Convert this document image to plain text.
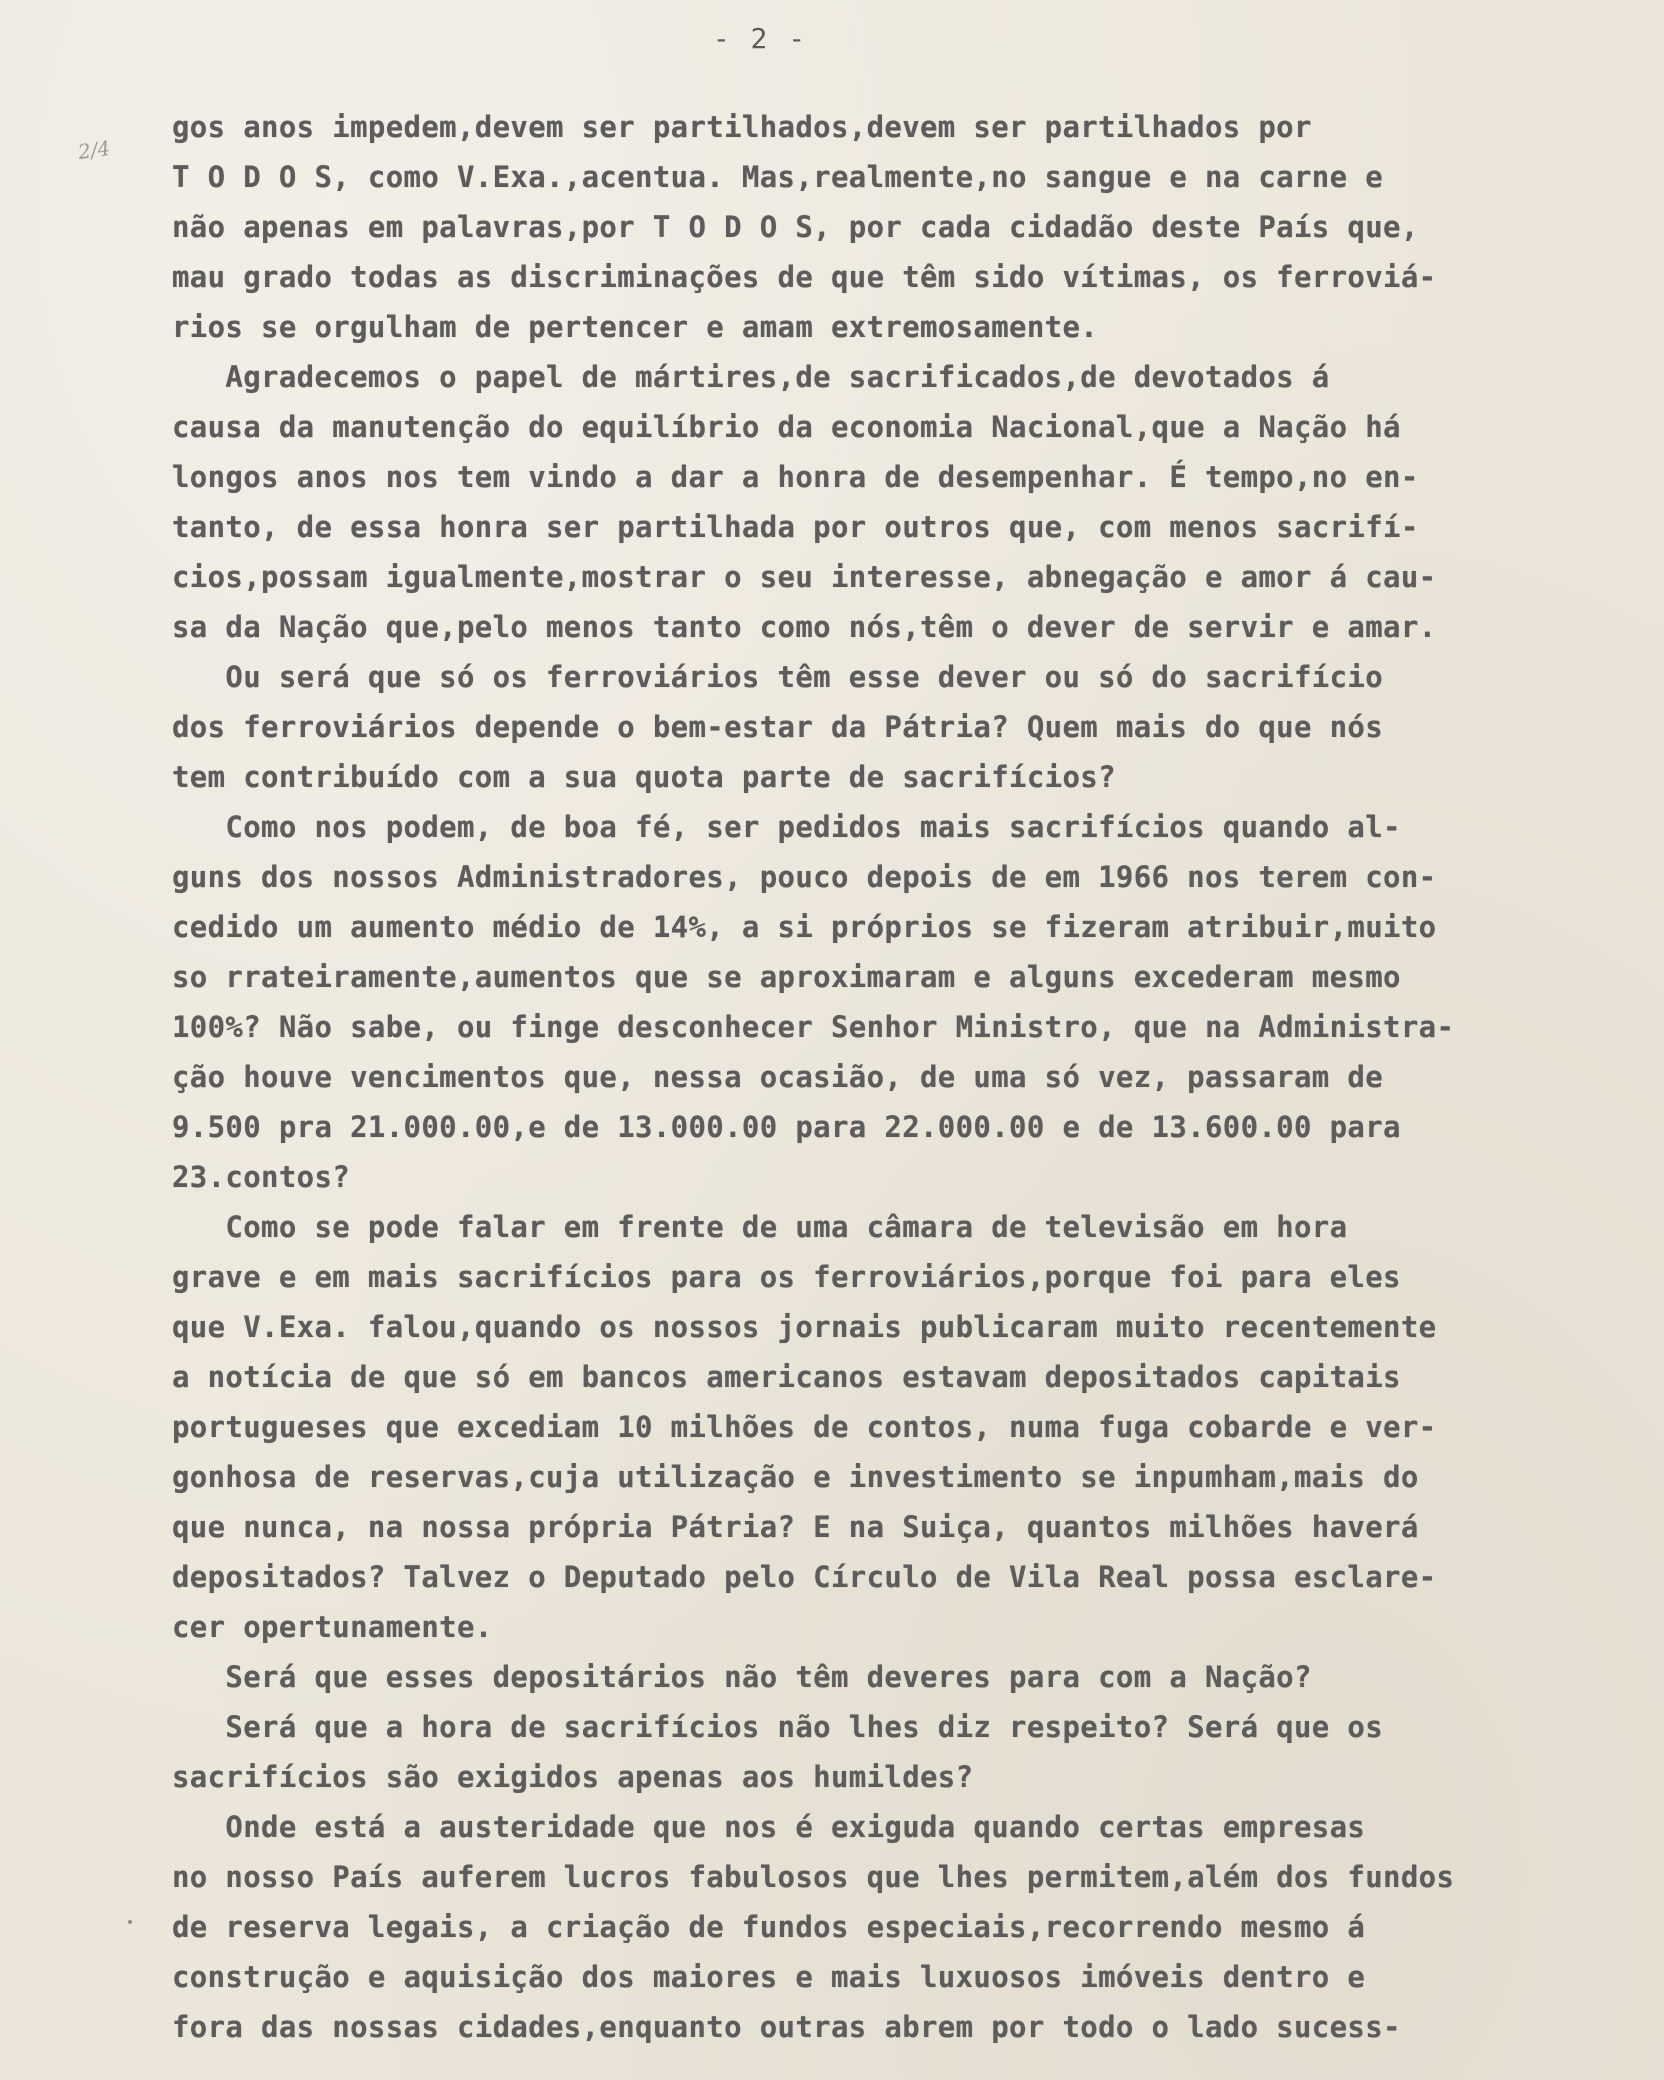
- 2 -
2/4
gos anos impedem,devem ser partilhados,devem ser partilhados por
T O D O S, como V.Exa.,acentua. Mas,realmente,no sangue e na carne e
não apenas em palavras,por T O D O S, por cada cidadão deste País que,
mau grado todas as discriminações de que têm sido vítimas, os ferroviá-
rios se orgulham de pertencer e amam extremosamente.
Agradecemos o papel de mártires,de sacrificados,de devotados á
causa da manutenção do equilíbrio da economia Nacional,que a Nação há
longos anos nos tem vindo a dar a honra de desempenhar. É tempo,no en-
tanto, de essa honra ser partilhada por outros que, com menos sacrifí-
cios,possam igualmente,mostrar o seu interesse, abnegação e amor á cau-
sa da Nação que,pelo menos tanto como nós,têm o dever de servir e amar.
Ou será que só os ferroviários têm esse dever ou só do sacrifício
dos ferroviários depende o bem-estar da Pátria? Quem mais do que nós
tem contribuído com a sua quota parte de sacrifícios?
Como nos podem, de boa fé, ser pedidos mais sacrifícios quando al-
guns dos nossos Administradores, pouco depois de em 1966 nos terem con-
cedido um aumento médio de 14%, a si próprios se fizeram atribuir,muito
so rrateiramente,aumentos que se aproximaram e alguns excederam mesmo
100%? Não sabe, ou finge desconhecer Senhor Ministro, que na Administra-
ção houve vencimentos que, nessa ocasião, de uma só vez, passaram de
9.500 pra 21.000.00,e de 13.000.00 para 22.000.00 e de 13.600.00 para
23.contos?
Como se pode falar em frente de uma câmara de televisão em hora
grave e em mais sacrifícios para os ferroviários,porque foi para eles
que V.Exa. falou,quando os nossos jornais publicaram muito recentemente
a notícia de que só em bancos americanos estavam depositados capitais
portugueses que excediam 10 milhões de contos, numa fuga cobarde e ver-
gonhosa de reservas,cuja utilização e investimento se inpumham,mais do
que nunca, na nossa própria Pátria? E na Suiça, quantos milhões haverá
depositados? Talvez o Deputado pelo Círculo de Vila Real possa esclare-
cer opertunamente.
Será que esses depositários não têm deveres para com a Nação?
Será que a hora de sacrifícios não lhes diz respeito? Será que os
sacrifícios são exigidos apenas aos humildes?
Onde está a austeridade que nos é exiguda quando certas empresas
no nosso País auferem lucros fabulosos que lhes permitem,além dos fundos
de reserva legais, a criação de fundos especiais,recorrendo mesmo á
construção e aquisição dos maiores e mais luxuosos imóveis dentro e
fora das nossas cidades,enquanto outras abrem por todo o lado sucess-
